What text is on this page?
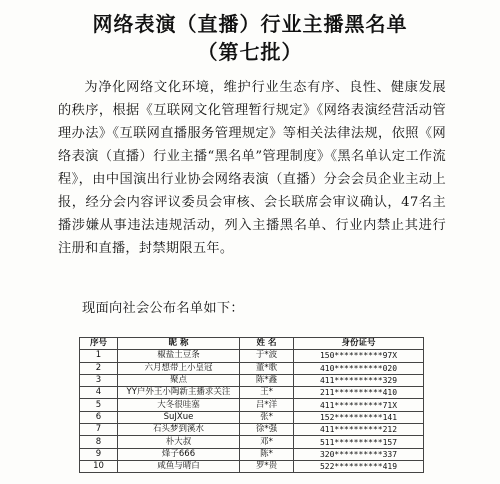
网络表演（直播）行业主播黑名单
（第七批）

为净化网络文化环境，维护行业生态有序、良性、健康发展的秩序，根据《互联网文化管理暂行规定》《网络表演经营活动管理办法》《互联网直播服务管理规定》等相关法律法规，依照《网络表演（直播）行业主播“黑名单”管理制度》《黑名单认定工作流程》，由中国演出行业协会网络表演（直播）分会会员企业主动上报，经分会内容评议委员会审核、会长联席会审议确认，47名主播涉嫌从事违法违规活动，列入主播黑名单、行业内禁止其进行注册和直播，封禁期限五年。

现面向社会公布名单如下：
序号	昵 称	姓 名	身份证号
1	椒盐土豆条	于*波	150**********97X
2	六月想带上小皇冠	董*歌	410**********020
3	聚点	陈*鑫	411**********329
4	YY户外王小陶新主播求关注	王*	211**********410
5	大冬很哇塞	吕*洋	411**********71X
6	SuJXue	张*	152**********141
7	石头梦到溪水	徐*强	411**********212
8	朴大叔	邓*	511**********157
9	烽子666	陈*	320**********337
10	咸鱼与晴白	罗*贵	522**********419
